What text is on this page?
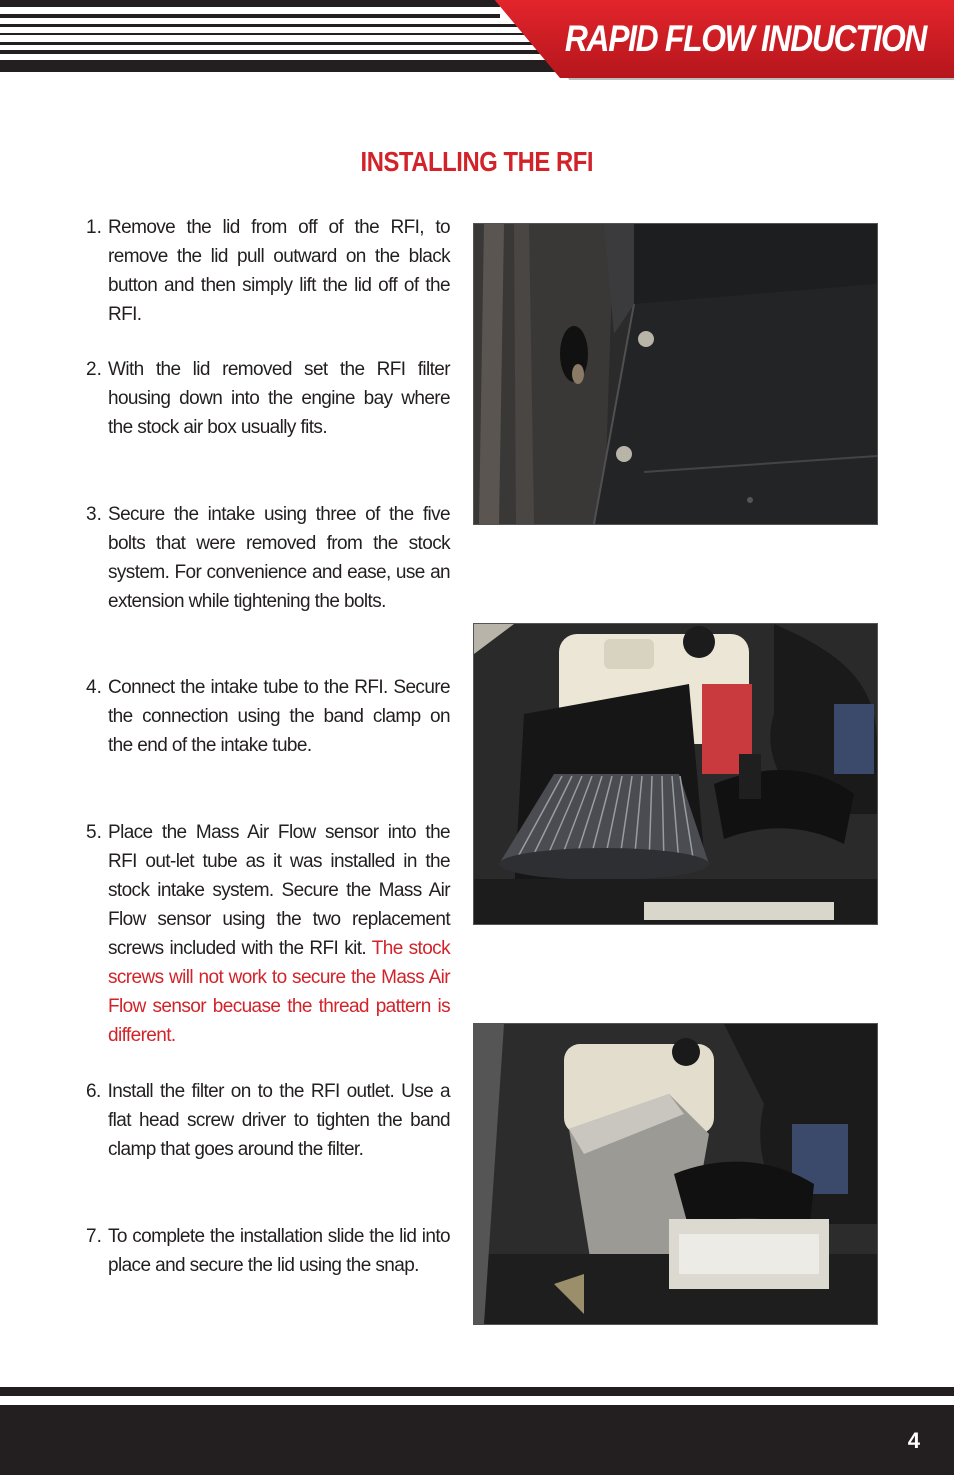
RAPID FLOW INDUCTION
INSTALLING THE RFI
1. Remove the lid from off of the RFI, to remove the lid pull outward on the black button and then simply lift the lid off of the RFI.
2. With the lid removed set the RFI filter housing down into the engine bay where the stock air box usually fits.
3. Secure the intake using three of the five bolts that were removed from the stock system. For convenience and ease, use an extension while tightening the bolts.
4. Connect the intake tube to the RFI. Secure the connection using the band clamp on the end of the intake tube.
5. Place the Mass Air Flow sensor into the RFI out-let tube as it was installed in the stock intake system. Secure the Mass Air Flow sensor using the two replacement screws included with the RFI kit. The stock screws will not work to secure the Mass Air Flow sensor becuase the thread pattern is different.
6. Install the filter on to the RFI outlet. Use a flat head screw driver to tighten the band clamp that goes around the filter.
7. To complete the installation slide the lid into place and secure the lid using the snap.
4
